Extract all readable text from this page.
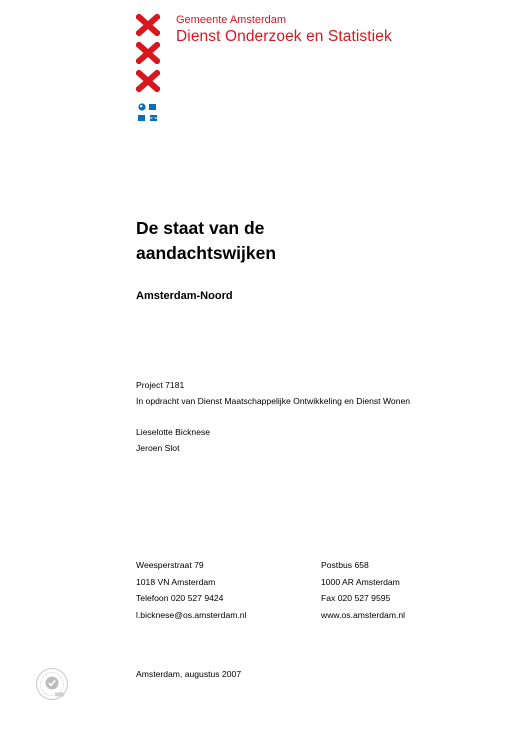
Gemeente Amsterdam
Dienst Onderzoek en Statistiek
De staat van de
aandachtswijken
Amsterdam-Noord
Project 7181
In opdracht van Dienst Maatschappelijke Ontwikkeling en Dienst Wonen
Lieselotte Bicknese
Jeroen Slot
Weesperstraat 79
1018 VN Amsterdam
Telefoon 020 527 9424
l.bicknese@os.amsterdam.nl
Postbus 658
1000 AR Amsterdam
Fax 020 527 9595
www.os.amsterdam.nl
Amsterdam, augustus 2007
